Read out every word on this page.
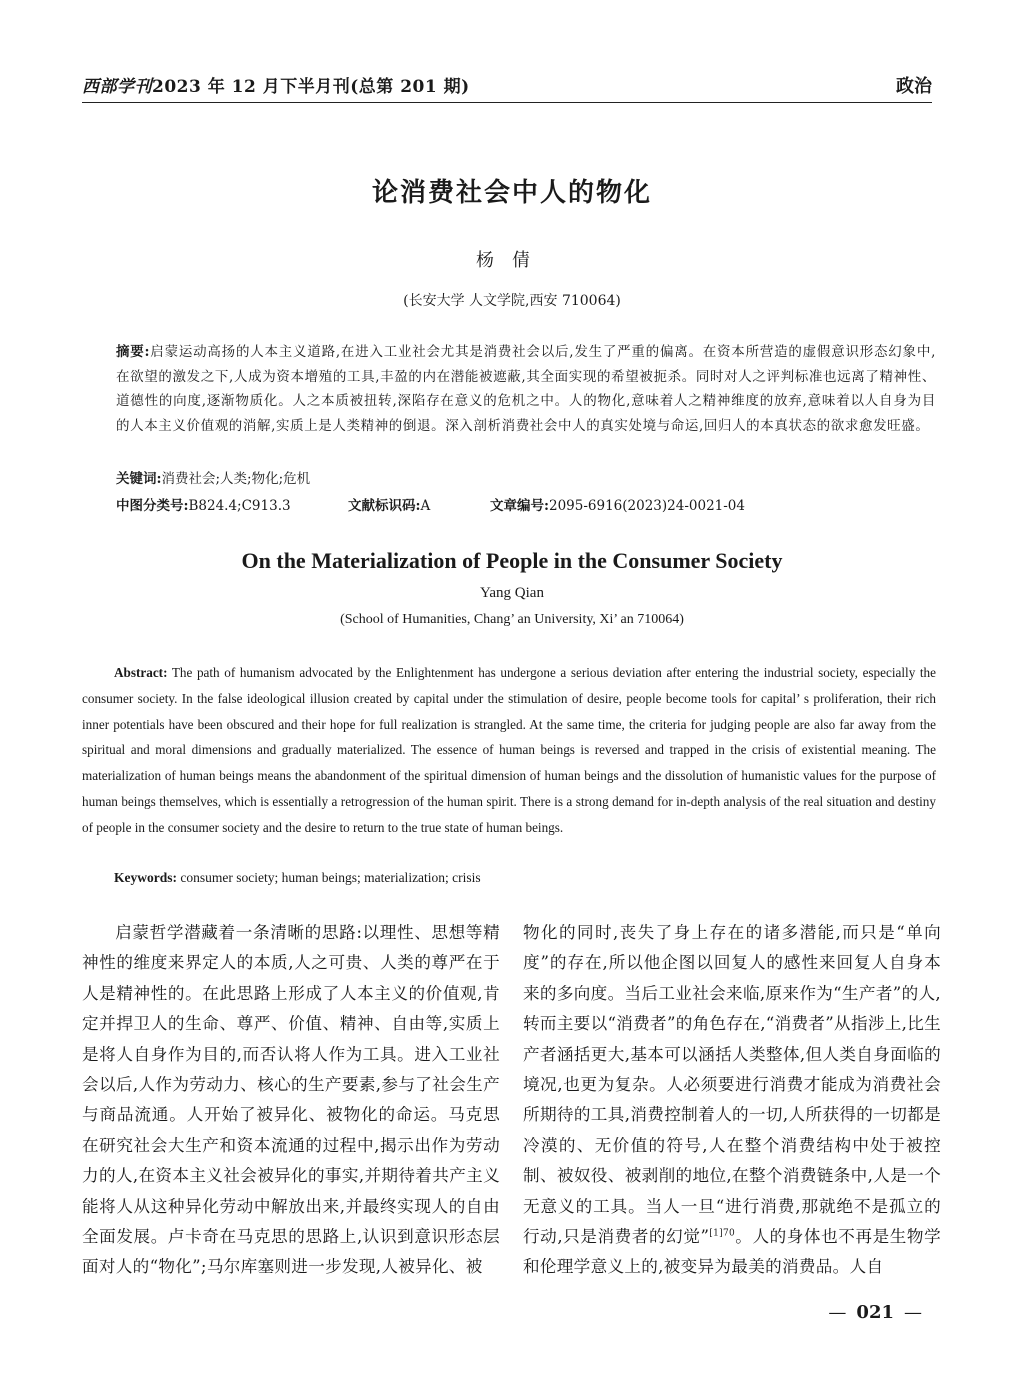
西部学刊2023 年 12 月下半月刊(总第 201 期)	政治
论消费社会中人的物化
杨倩
(长安大学 人文学院,西安 710064)
摘要:启蒙运动高扬的人本主义道路,在进入工业社会尤其是消费社会以后,发生了严重的偏离。在资本所营造的虚假意识形态幻象中,在欲望的激发之下,人成为资本增殖的工具,丰盈的内在潜能被遮蔽,其全面实现的希望被扼杀。同时对人之评判标准也远离了精神性、道德性的向度,逐渐物质化。人之本质被扭转,深陷存在意义的危机之中。人的物化,意味着人之精神维度的放弃,意味着以人自身为目的人本主义价值观的消解,实质上是人类精神的倒退。深入剖析消费社会中人的真实处境与命运,回归人的本真状态的欲求愈发旺盛。
关键词:消费社会;人类;物化;危机
中图分类号:B824.4;C913.3	文献标识码:A	文章编号:2095-6916(2023)24-0021-04
On the Materialization of People in the Consumer Society
Yang Qian
(School of Humanities, Chang’ an University, Xi’ an 710064)
Abstract: The path of humanism advocated by the Enlightenment has undergone a serious deviation after entering the industrial society, especially the consumer society. In the false ideological illusion created by capital under the stimulation of desire, people become tools for capital’ s proliferation, their rich inner potentials have been obscured and their hope for full realization is strangled. At the same time, the criteria for judging people are also far away from the spiritual and moral dimensions and gradually materialized. The essence of human beings is reversed and trapped in the crisis of existential meaning. The materialization of human beings means the abandonment of the spiritual dimension of human beings and the dissolution of humanistic values for the purpose of human beings themselves, which is essentially a retrogression of the human spirit. There is a strong demand for in-depth analysis of the real situation and destiny of people in the consumer society and the desire to return to the true state of human beings.
Keywords: consumer society; human beings; materialization; crisis
启蒙哲学潜藏着一条清晰的思路:以理性、思想等精神性的维度来界定人的本质,人之可贵、人类的尊严在于人是精神性的。在此思路上形成了人本主义的价值观,肯定并捍卫人的生命、尊严、价值、精神、自由等,实质上是将人自身作为目的,而否认将人作为工具。进入工业社会以后,人作为劳动力、核心的生产要素,参与了社会生产与商品流通。人开始了被异化、被物化的命运。马克思在研究社会大生产和资本流通的过程中,揭示出作为劳动力的人,在资本主义社会被异化的事实,并期待着共产主义能将人从这种异化劳动中解放出来,并最终实现人的自由全面发展。卢卡奇在马克思的思路上,认识到意识形态层面对人的“物化”;马尔库塞则进一步发现,人被异化、被
物化的同时,丧失了身上存在的诸多潜能,而只是“单向度”的存在,所以他企图以回复人的感性来回复人自身本来的多向度。当后工业社会来临,原来作为“生产者”的人,转而主要以“消费者”的角色存在,“消费者”从指涉上,比生产者涵括更大,基本可以涵括人类整体,但人类自身面临的境况,也更为复杂。人必须要进行消费才能成为消费社会所期待的工具,消费控制着人的一切,人所获得的一切都是冷漠的、无价值的符号,人在整个消费结构中处于被控制、被奴役、被剥削的地位,在整个消费链条中,人是一个无意义的工具。当人一旦“进行消费,那就绝不是孤立的行动,只是消费者的幻觉”$^{[1]70}$。人的身体也不再是生物学和伦理学意义上的,被变异为最美的消费品。人自
— 021 —
